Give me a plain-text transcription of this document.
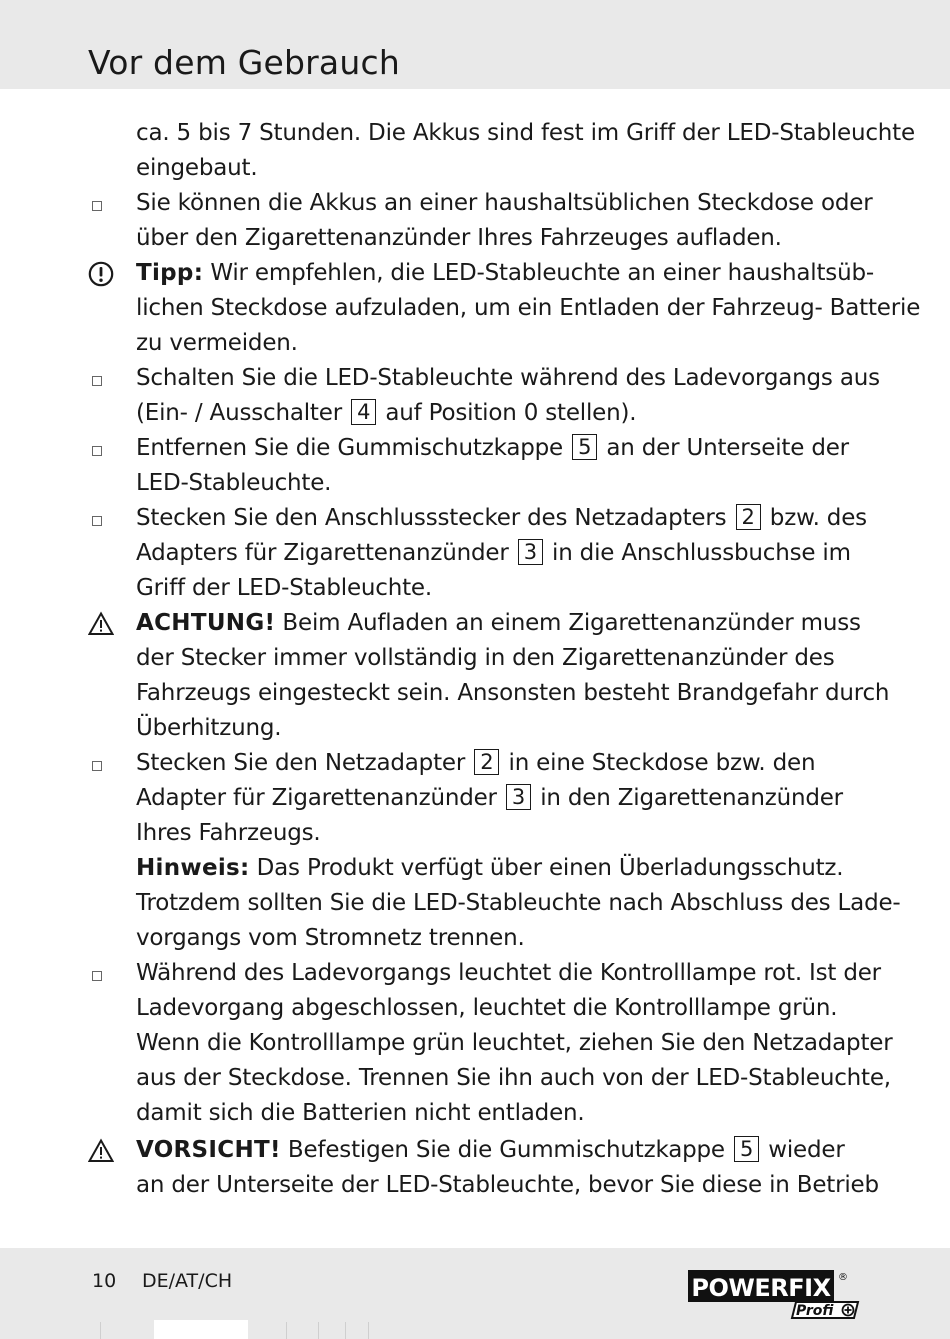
Vor dem Gebrauch
ca. 5 bis 7 Stunden. Die Akkus sind fest im Griff der LED-Stableuchte
eingebaut.
Sie können die Akkus an einer haushaltsüblichen Steckdose oder
über den Zigarettenanzünder Ihres Fahrzeuges aufladen.
Tipp: Wir empfehlen, die LED-Stableuchte an einer haushaltsüb-
lichen Steckdose aufzuladen, um ein Entladen der Fahrzeug- Batterie
zu vermeiden.
Schalten Sie die LED-Stableuchte während des Ladevorgangs aus
(Ein- / Ausschalter 4 auf Position 0 stellen).
Entfernen Sie die Gummischutzkappe 5 an der Unterseite der
LED-Stableuchte.
Stecken Sie den Anschlussstecker des Netzadapters 2 bzw. des
Adapters für Zigarettenanzünder 3 in die Anschlussbuchse im
Griff der LED-Stableuchte.
ACHTUNG! Beim Aufladen an einem Zigarettenanzünder muss
der Stecker immer vollständig in den Zigarettenanzünder des
Fahrzeugs eingesteckt sein. Ansonsten besteht Brandgefahr durch
Überhitzung.
Stecken Sie den Netzadapter 2 in eine Steckdose bzw. den
Adapter für Zigarettenanzünder 3 in den Zigarettenanzünder
Ihres Fahrzeugs.
Hinweis: Das Produkt verfügt über einen Überladungsschutz.
Trotzdem sollten Sie die LED-Stableuchte nach Abschluss des Lade-
vorgangs vom Stromnetz trennen.
Während des Ladevorgangs leuchtet die Kontrolllampe rot. Ist der
Ladevorgang abgeschlossen, leuchtet die Kontrolllampe grün.
Wenn die Kontrolllampe grün leuchtet, ziehen Sie den Netzadapter
aus der Steckdose. Trennen Sie ihn auch von der LED-Stableuchte,
damit sich die Batterien nicht entladen.
VORSICHT! Befestigen Sie die Gummischutzkappe 5 wieder
an der Unterseite der LED-Stableuchte, bevor Sie diese in Betrieb
10 DE/AT/CH	POWERFIX ®
Profi
